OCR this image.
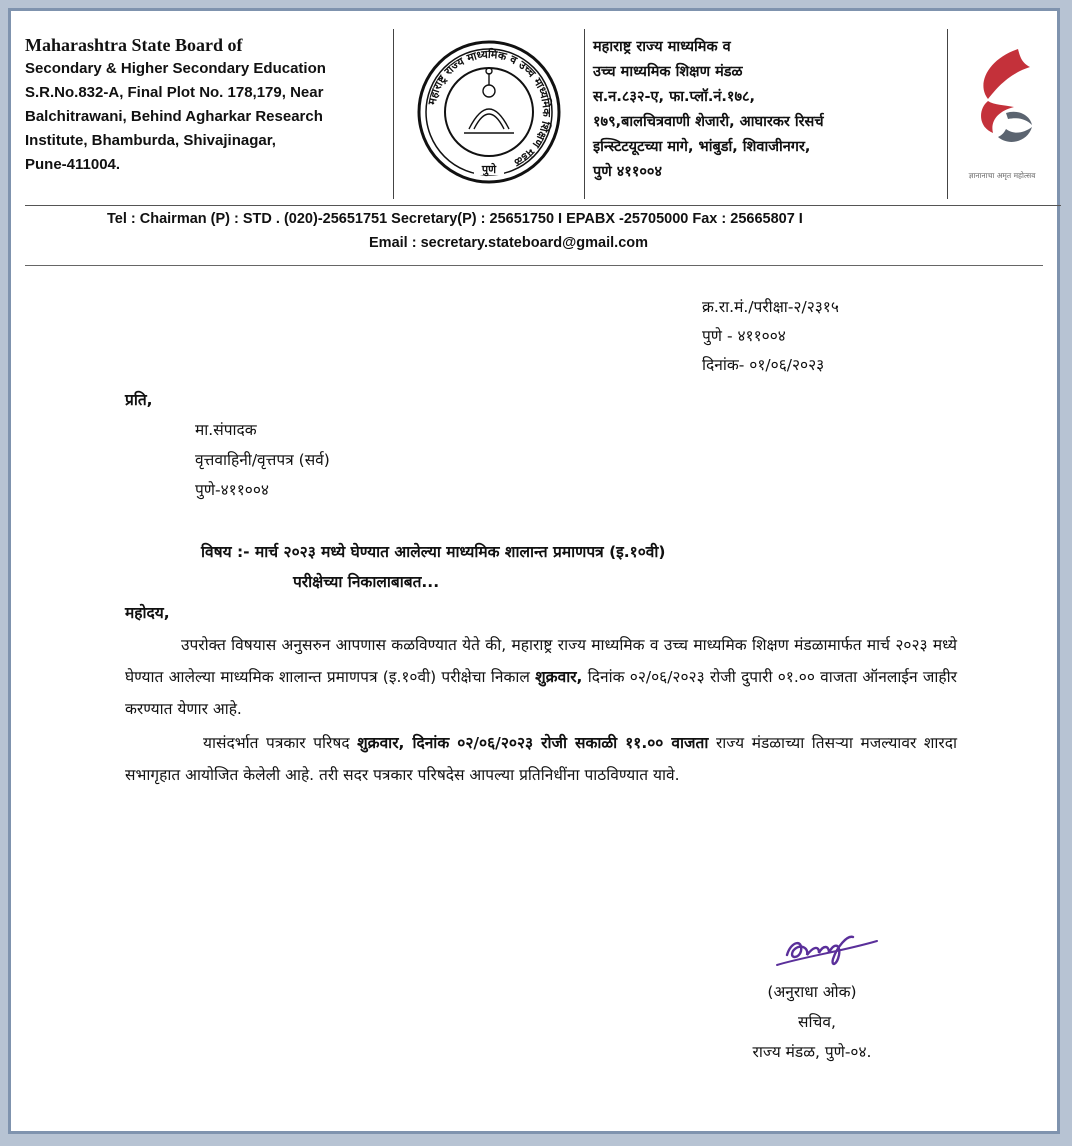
Maharashtra State Board of
Secondary & Higher Secondary Education
S.R.No.832-A, Final Plot No. 178,179, Near
Balchitrawani, Behind Agharkar Research
Institute, Bhamburda, Shivajinagar,
Pune-411004.
महाराष्ट्र राज्य माध्यमिक व उच्च माध्यमिक शिक्षण मंडळ
पुणे
महाराष्ट्र राज्य माध्यमिक व
उच्च माध्यमिक शिक्षण मंडळ
स.न.८३२-ए, फा.प्लॉ.नं.१७८,
१७९,बालचित्रवाणी शेजारी, आघारकर रिसर्च
इन्स्टिटयूटच्या मागे, भांबुर्डा, शिवाजीनगर,
पुणे ४११००४	ज्ञानानाचा अमृत महोत्सव
Tel : Chairman (P) : STD . (020)-25651751 Secretary(P) : 25651750 I EPABX -25705000 Fax : 25665807 I
Email : secretary.stateboard@gmail.com
क्र.रा.मं./परीक्षा-२/२३१५
पुणे - ४११००४
दिनांक- ०१/०६/२०२३
प्रति,
मा.संपादक
वृत्तवाहिनी/वृत्तपत्र (सर्व)
पुणे-४११००४
विषय :- मार्च २०२३ मध्ये घेण्यात आलेल्या माध्यमिक शालान्त प्रमाणपत्र (इ.१०वी)
परीक्षेच्या निकालाबाबत...
महोदय,

उपरोक्त विषयास अनुसरुन आपणास कळविण्यात येते की, महाराष्ट्र राज्य माध्यमिक व उच्च माध्यमिक शिक्षण मंडळामार्फत मार्च २०२३ मध्ये घेण्यात आलेल्या माध्यमिक शालान्त प्रमाणपत्र (इ.१०वी) परीक्षेचा निकाल शुक्रवार, दिनांक ०२/०६/२०२३ रोजी दुपारी ०१.०० वाजता ऑनलाईन जाहीर करण्यात येणार आहे.

यासंदर्भात पत्रकार परिषद शुक्रवार, दिनांक ०२/०६/२०२३ रोजी सकाळी ११.०० वाजता राज्य मंडळाच्या तिसऱ्या मजल्यावर शारदा सभागृहात आयोजित केलेली आहे. तरी सदर पत्रकार परिषदेस आपल्या प्रतिनिधींना पाठविण्यात यावे.

(अनुराधा ओक)
सचिव,
राज्य मंडळ, पुणे-०४.
